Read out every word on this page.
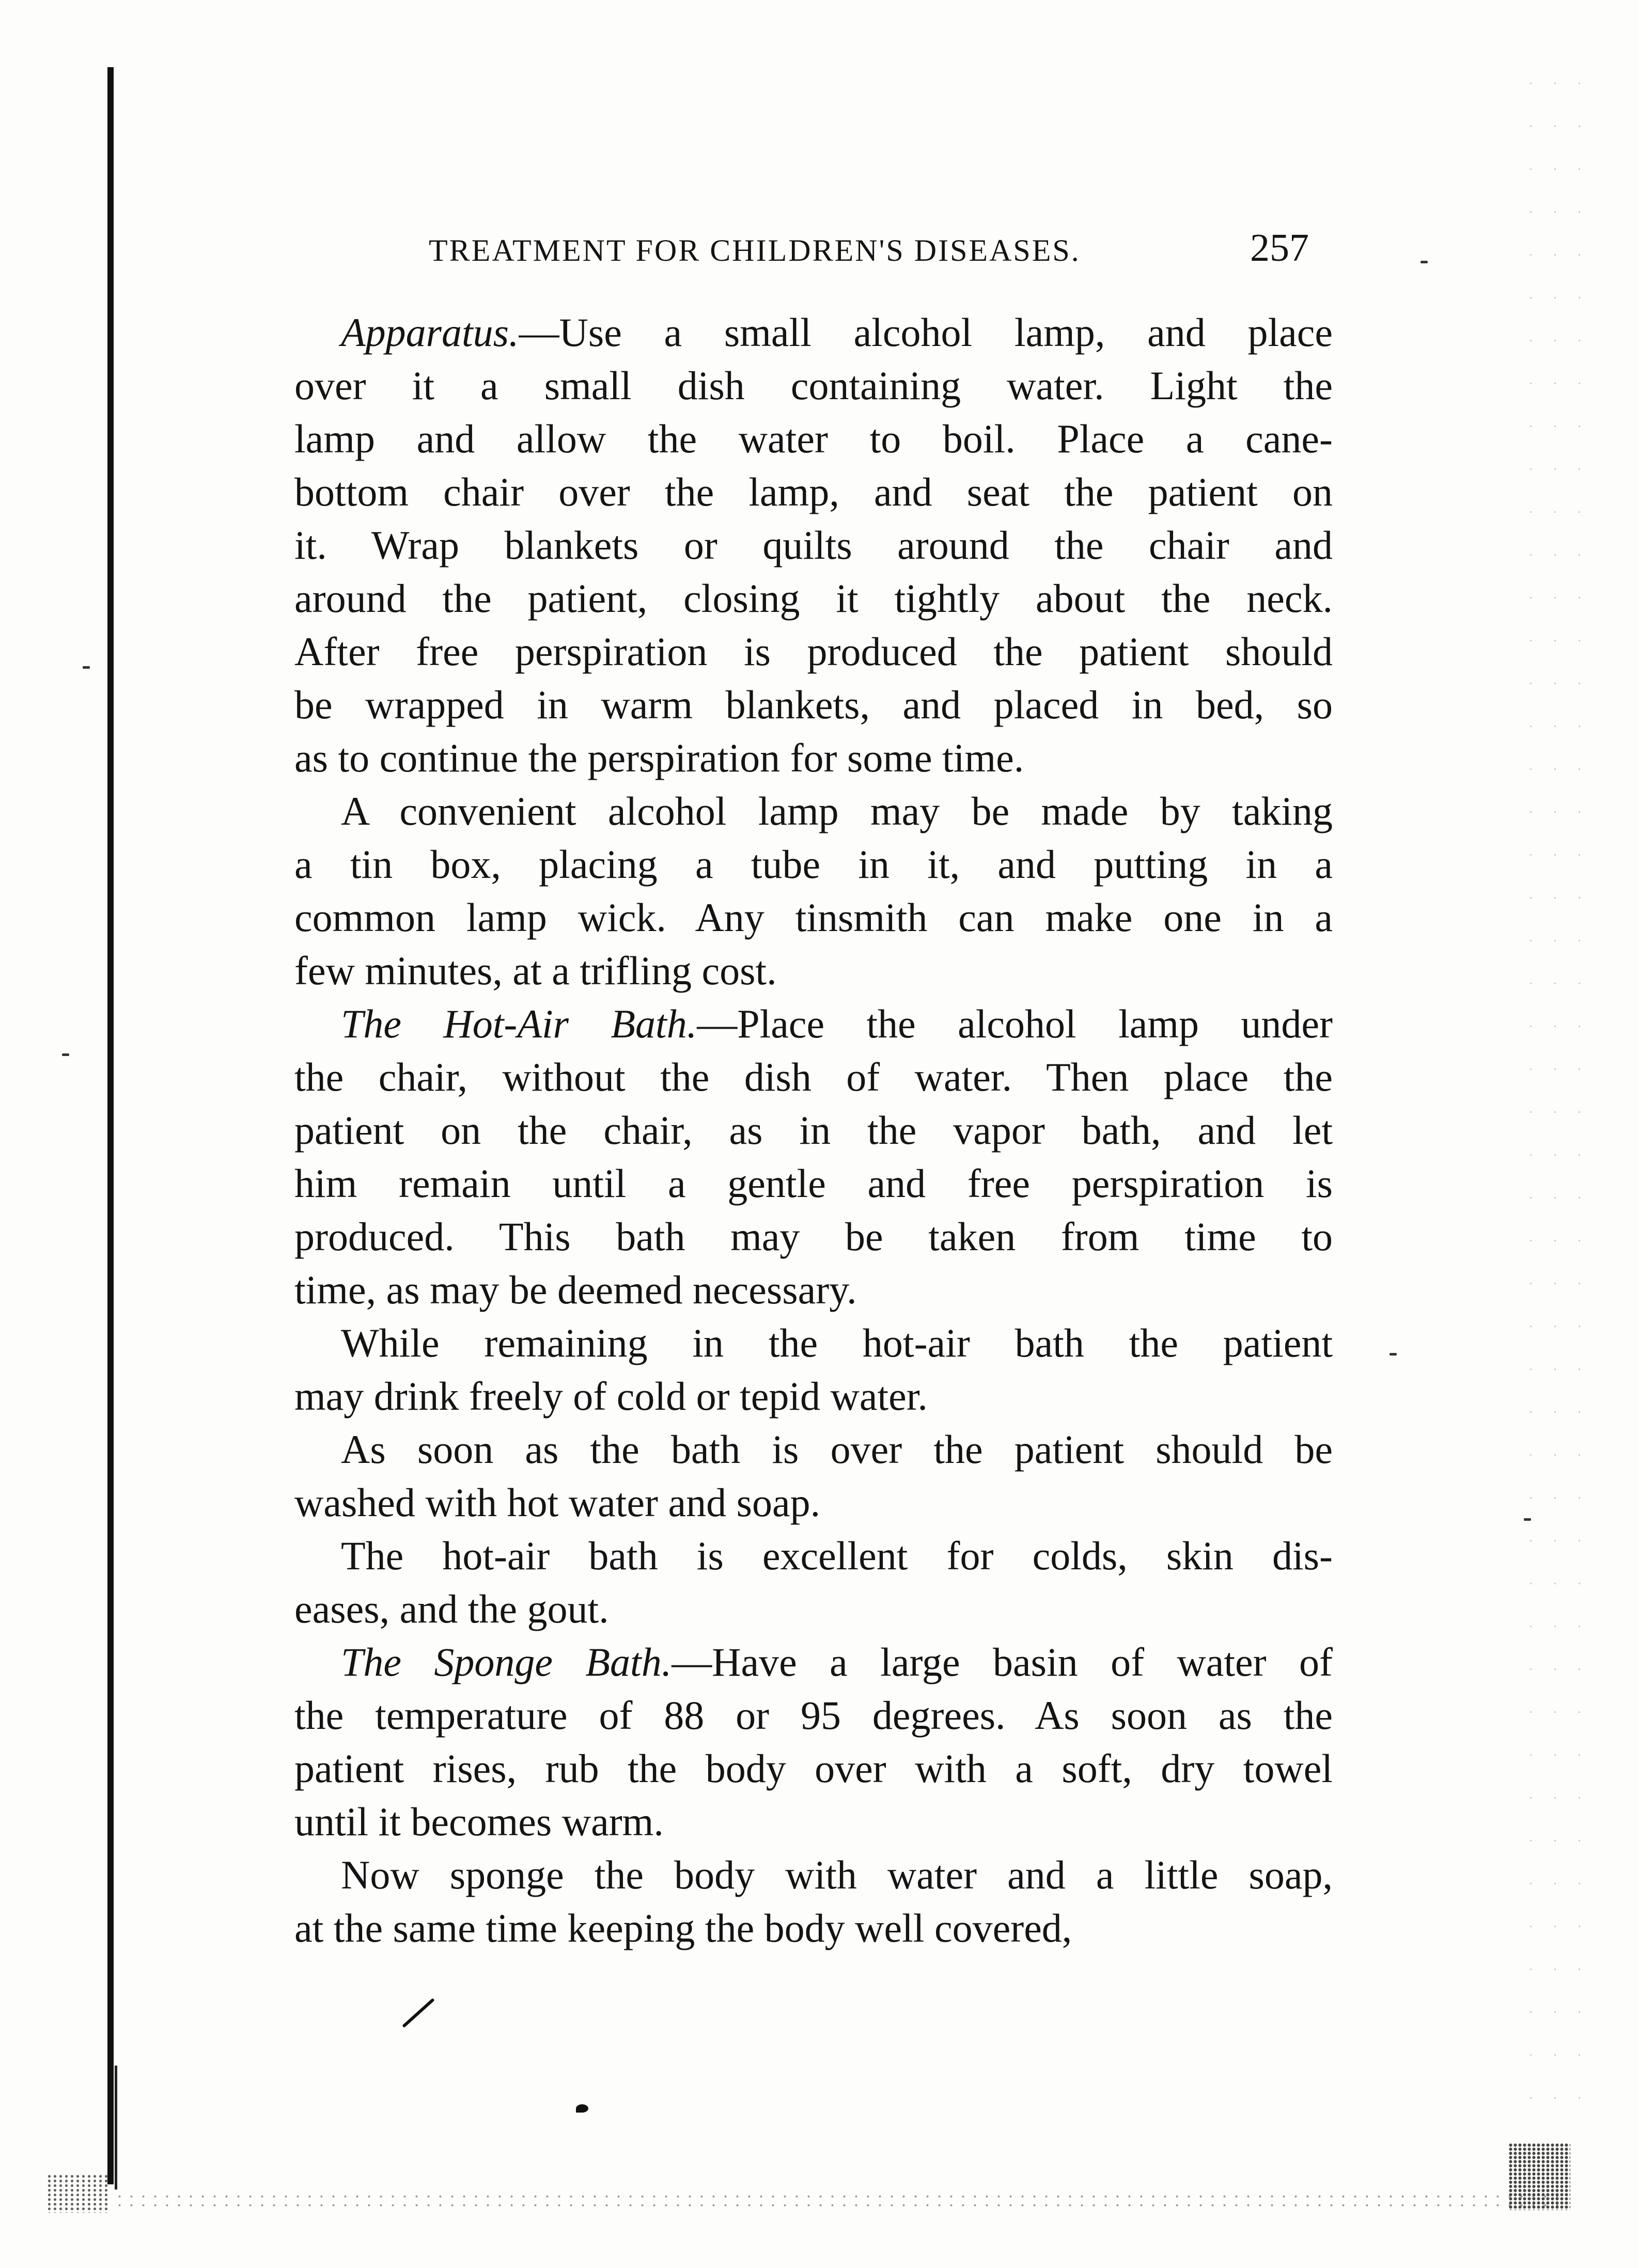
TREATMENT FOR CHILDREN'S DISEASES.	257
Apparatus.—Use a small alcohol lamp, and place
over it a small dish containing water. Light the
lamp and allow the water to boil. Place a cane-
bottom chair over the lamp, and seat the patient on
it. Wrap blankets or quilts around the chair and
around the patient, closing it tightly about the neck.
After free perspiration is produced the patient should
be wrapped in warm blankets, and placed in bed, so
as to continue the perspiration for some time.
A convenient alcohol lamp may be made by taking
a tin box, placing a tube in it, and putting in a
common lamp wick. Any tinsmith can make one in a
few minutes, at a trifling cost.
The Hot-Air Bath.—Place the alcohol lamp under
the chair, without the dish of water. Then place the
patient on the chair, as in the vapor bath, and let
him remain until a gentle and free perspiration is
produced. This bath may be taken from time to
time, as may be deemed necessary.
While remaining in the hot-air bath the patient
may drink freely of cold or tepid water.
As soon as the bath is over the patient should be
washed with hot water and soap.
The hot-air bath is excellent for colds, skin dis-
eases, and the gout.
The Sponge Bath.—Have a large basin of water of
the temperature of 88 or 95 degrees. As soon as the
patient rises, rub the body over with a soft, dry towel
until it becomes warm.
Now sponge the body with water and a little soap,
at the same time keeping the body well covered,
